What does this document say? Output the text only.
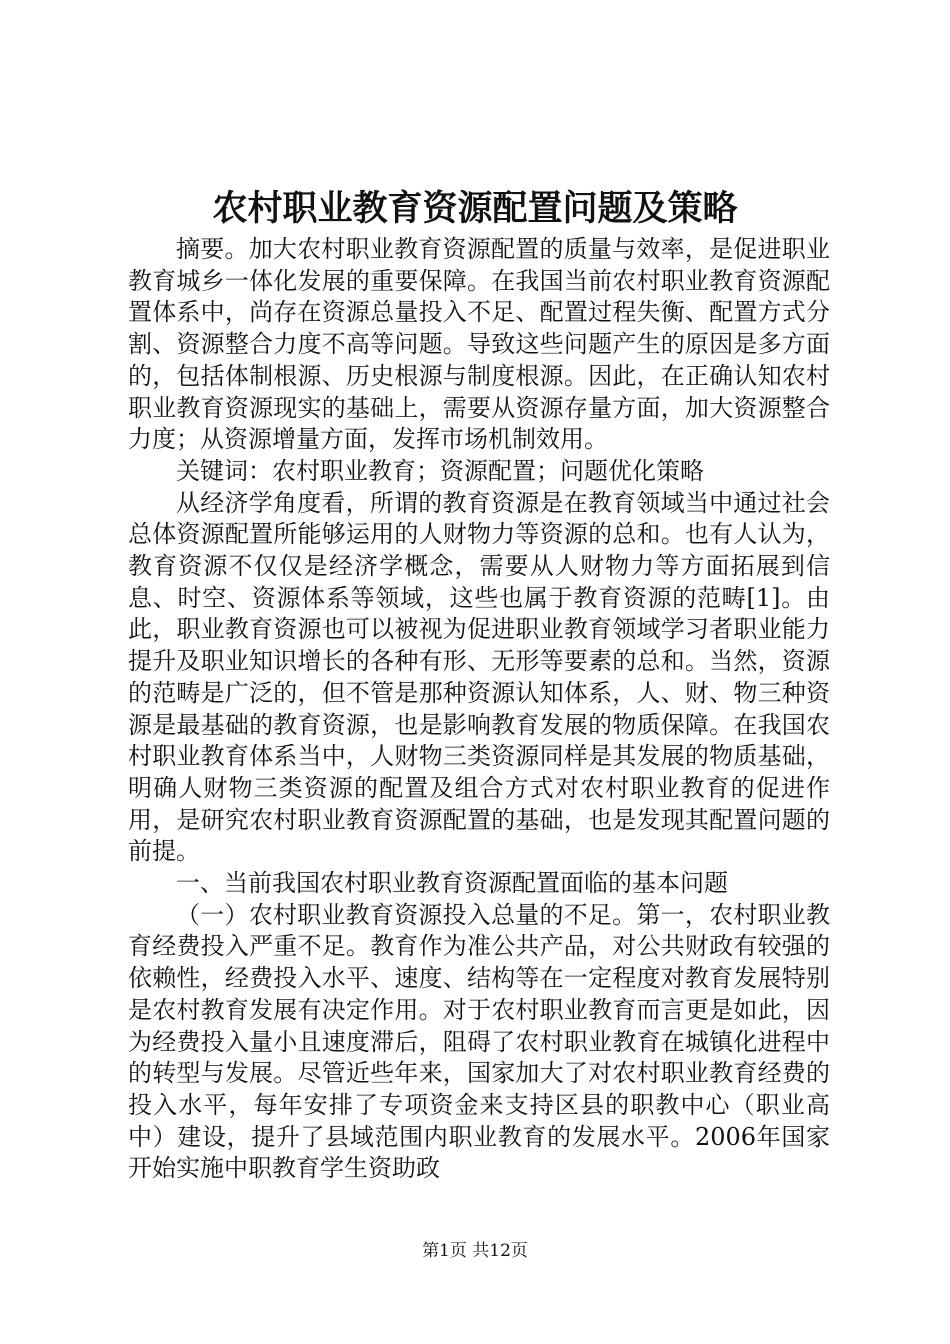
农村职业教育资源配置问题及策略

摘要。加大农村职业教育资源配置的质量与效率，是促进职业教育城乡一体化发展的重要保障。在我国当前农村职业教育资源配置体系中，尚存在资源总量投入不足、配置过程失衡、配置方式分割、资源整合力度不高等问题。导致这些问题产生的原因是多方面的，包括体制根源、历史根源与制度根源。因此，在正确认知农村职业教育资源现实的基础上，需要从资源存量方面，加大资源整合力度；从资源增量方面，发挥市场机制效用。

关键词：农村职业教育；资源配置；问题优化策略

从经济学角度看，所谓的教育资源是在教育领域当中通过社会总体资源配置所能够运用的人财物力等资源的总和。也有人认为，教育资源不仅仅是经济学概念，需要从人财物力等方面拓展到信息、时空、资源体系等领域，这些也属于教育资源的范畴[1]。由此，职业教育资源也可以被视为促进职业教育领域学习者职业能力提升及职业知识增长的各种有形、无形等要素的总和。当然，资源的范畴是广泛的，但不管是那种资源认知体系，人、财、物三种资源是最基础的教育资源，也是影响教育发展的物质保障。在我国农村职业教育体系当中，人财物三类资源同样是其发展的物质基础，明确人财物三类资源的配置及组合方式对农村职业教育的促进作用，是研究农村职业教育资源配置的基础，也是发现其配置问题的前提。

一、当前我国农村职业教育资源配置面临的基本问题

（一）农村职业教育资源投入总量的不足。第一，农村职业教育经费投入严重不足。教育作为准公共产品，对公共财政有较强的依赖性，经费投入水平、速度、结构等在一定程度对教育发展特别是农村教育发展有决定作用。对于农村职业教育而言更是如此，因为经费投入量小且速度滞后，阻碍了农村职业教育在城镇化进程中的转型与发展。尽管近些年来，国家加大了对农村职业教育经费的投入水平，每年安排了专项资金来支持区县的职教中心（职业高中）建设，提升了县域范围内职业教育的发展水平。2006年国家开始实施中职教育学生资助政

第1页 共12页
